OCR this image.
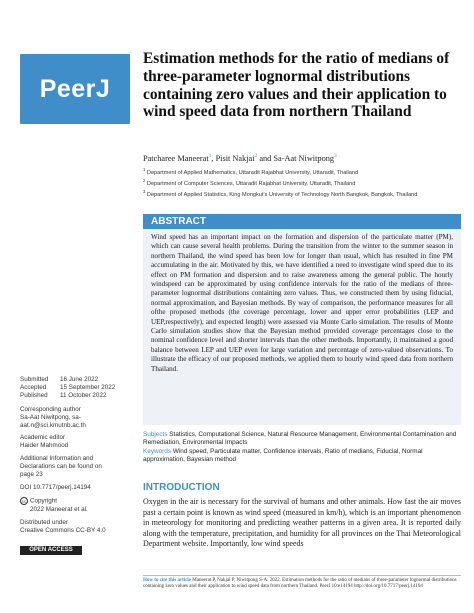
PeerJ
Estimation methods for the ratio of medians of three-parameter lognormal distributions containing zero values and their application to wind speed data from northern Thailand
Patcharee Maneerat$^1$, Pisit Nakjai$^2$ and Sa-Aat Niwitpong$^3$
$^1$ Department of Applied Mathematics, Uttaradit Rajabhat University, Uttaradit, Thailand
$^2$ Department of Computer Sciences, Uttaradit Rajabhat University, Uttaradit, Thailand
$^3$ Department of Applied Statistics, King Mongkut's University of Technology North Bangkok, Bangkok, Thailand
ABSTRACT
Wind speed has an important impact on the formation and dispersion of the particulate matter (PM), which can cause several health problems. During the transition from the winter to the summer season in northern Thailand, the wind speed has been low for longer than usual, which has resulted in fine PM accumulating in the air. Motivated by this, we have identified a need to investigate wind speed due to its effect on PM formation and dispersion and to raise awareness among the general public. The hourly windspeed can be approximated by using confidence intervals for the ratio of the medians of three-parameter lognormal distributions containing zero values. Thus, we constructed them by using fiducial, normal approximation, and Bayesian methods. By way of comparison, the performance measures for all ofthe proposed methods (the coverage percentage, lower and upper error probabilities (LEP and UEP,respectively), and expected length) were assessed via Monte Carlo simulation. The results of Monte Carlo simulation studies show that the Bayesian method provided coverage percentages close to the nominal confidence level and shorter intervals than the other methods. Importantly, it maintained a good balance between LEP and UEP even for large variation and percentage of zero-valued observations. To illustrate the efficacy of our proposed methods, we applied them to hourly wind speed data from northern Thailand.
Subjects Statistics, Computational Science, Natural Resource Management, Environmental Contamination and Remediation, Environmental Impacts
Keywords Wind speed, Particulate matter, Confidence intervals, Ratio of medians, Fiducial, Normal approximation, Bayesian method
Submitted 16 June 2022
Accepted 15 September 2022
Published 11 October 2022
Corresponding author
Sa-Aat Niwitpong, sa-
aat.n@sci.kmutnb.ac.th
Academic editor
Haider Mahmood
Additional Information and
Declarations can be found on
page 23
DOI 10.7717/peerj.14194
cc Copyright
2022 Maneerat et al.
Distributed under
Creative Commons CC-BY 4.0
OPEN ACCESS
INTRODUCTION
Oxygen in the air is necessary for the survival of humans and other animals. How fast the air moves past a certain point is known as wind speed (measured in km/h), which is an important phenomenon in meteorology for monitoring and predicting weather patterns in a given area. It is reported daily along with the temperature, precipitation, and humidity for all provinces on the Thai Meteorological Department website. Importantly, low wind speeds
How to cite this article Maneerat P, Nakjai P, Niwitpong S-A. 2022. Estimation methods for the ratio of medians of three-parameter lognormal distributions containing zero values and their application to wind speed data from northern Thailand. PeerJ 10:e14194 http://doi.org/10.7717/peerj.14194
